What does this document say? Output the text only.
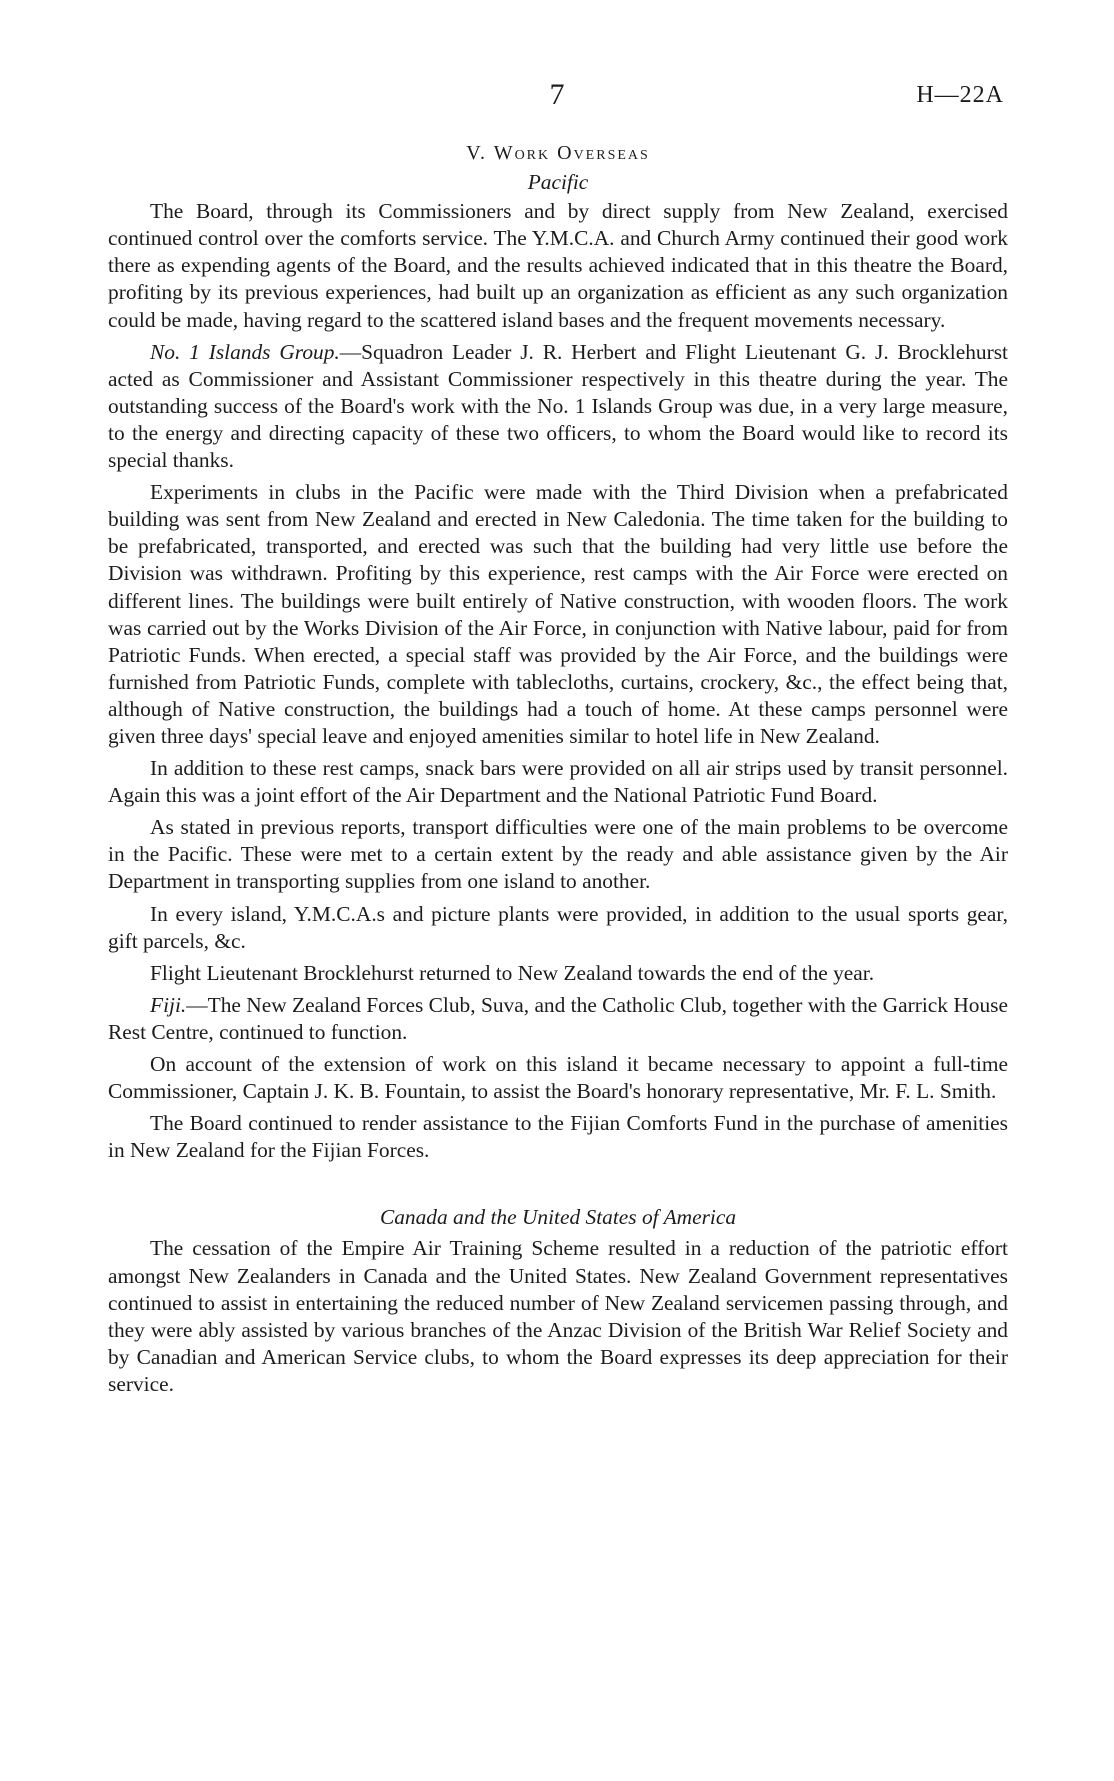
7	H—22A
V. Work Overseas
Pacific

The Board, through its Commissioners and by direct supply from New Zealand, exercised continued control over the comforts service. The Y.M.C.A. and Church Army continued their good work there as expending agents of the Board, and the results achieved indicated that in this theatre the Board, profiting by its previous experiences, had built up an organization as efficient as any such organization could be made, having regard to the scattered island bases and the frequent movements necessary.

No. 1 Islands Group.—Squadron Leader J. R. Herbert and Flight Lieutenant G. J. Brocklehurst acted as Commissioner and Assistant Commissioner respectively in this theatre during the year. The outstanding success of the Board's work with the No. 1 Islands Group was due, in a very large measure, to the energy and directing capacity of these two officers, to whom the Board would like to record its special thanks.

Experiments in clubs in the Pacific were made with the Third Division when a prefabricated building was sent from New Zealand and erected in New Caledonia. The time taken for the building to be prefabricated, transported, and erected was such that the building had very little use before the Division was withdrawn. Profiting by this experience, rest camps with the Air Force were erected on different lines. The buildings were built entirely of Native construction, with wooden floors. The work was carried out by the Works Division of the Air Force, in conjunction with Native labour, paid for from Patriotic Funds. When erected, a special staff was provided by the Air Force, and the buildings were furnished from Patriotic Funds, complete with tablecloths, curtains, crockery, &c., the effect being that, although of Native construction, the buildings had a touch of home. At these camps personnel were given three days' special leave and enjoyed amenities similar to hotel life in New Zealand.

In addition to these rest camps, snack bars were provided on all air strips used by transit personnel. Again this was a joint effort of the Air Department and the National Patriotic Fund Board.

As stated in previous reports, transport difficulties were one of the main problems to be overcome in the Pacific. These were met to a certain extent by the ready and able assistance given by the Air Department in transporting supplies from one island to another.

In every island, Y.M.C.A.s and picture plants were provided, in addition to the usual sports gear, gift parcels, &c.

Flight Lieutenant Brocklehurst returned to New Zealand towards the end of the year.

Fiji.—The New Zealand Forces Club, Suva, and the Catholic Club, together with the Garrick House Rest Centre, continued to function.

On account of the extension of work on this island it became necessary to appoint a full-time Commissioner, Captain J. K. B. Fountain, to assist the Board's honorary representative, Mr. F. L. Smith.

The Board continued to render assistance to the Fijian Comforts Fund in the purchase of amenities in New Zealand for the Fijian Forces.

Canada and the United States of America

The cessation of the Empire Air Training Scheme resulted in a reduction of the patriotic effort amongst New Zealanders in Canada and the United States. New Zealand Government representatives continued to assist in entertaining the reduced number of New Zealand servicemen passing through, and they were ably assisted by various branches of the Anzac Division of the British War Relief Society and by Canadian and American Service clubs, to whom the Board expresses its deep appreciation for their service.
